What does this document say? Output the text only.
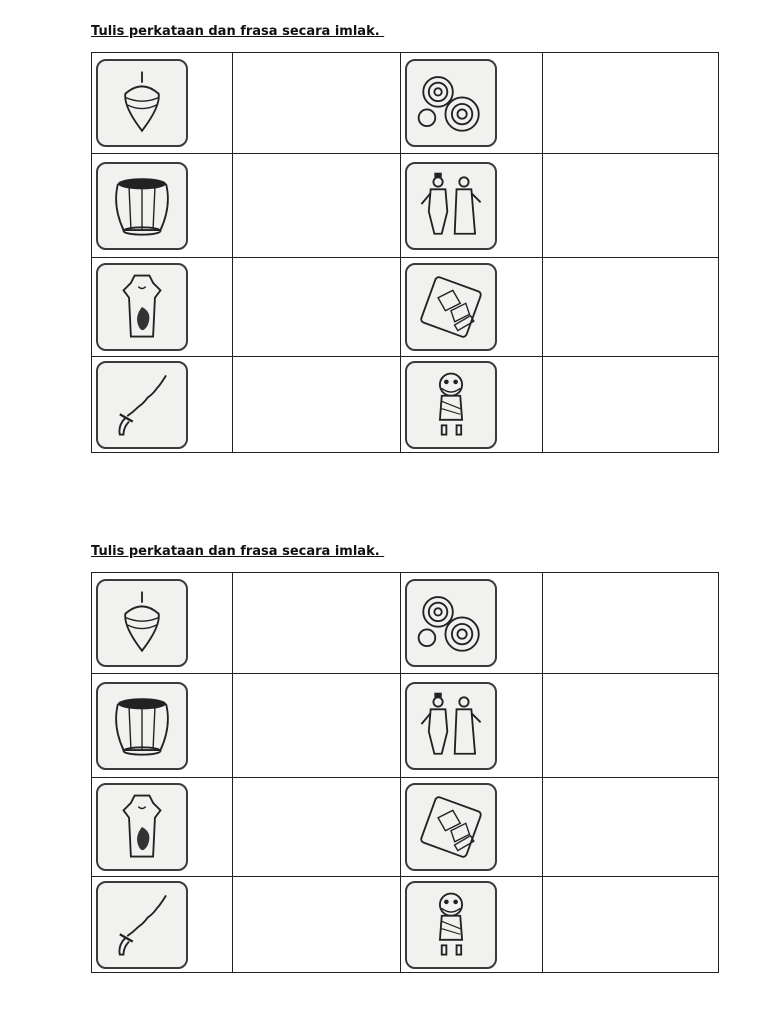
Tulis perkataan dan frasa secara imlak.

Tulis perkataan dan frasa secara imlak.
